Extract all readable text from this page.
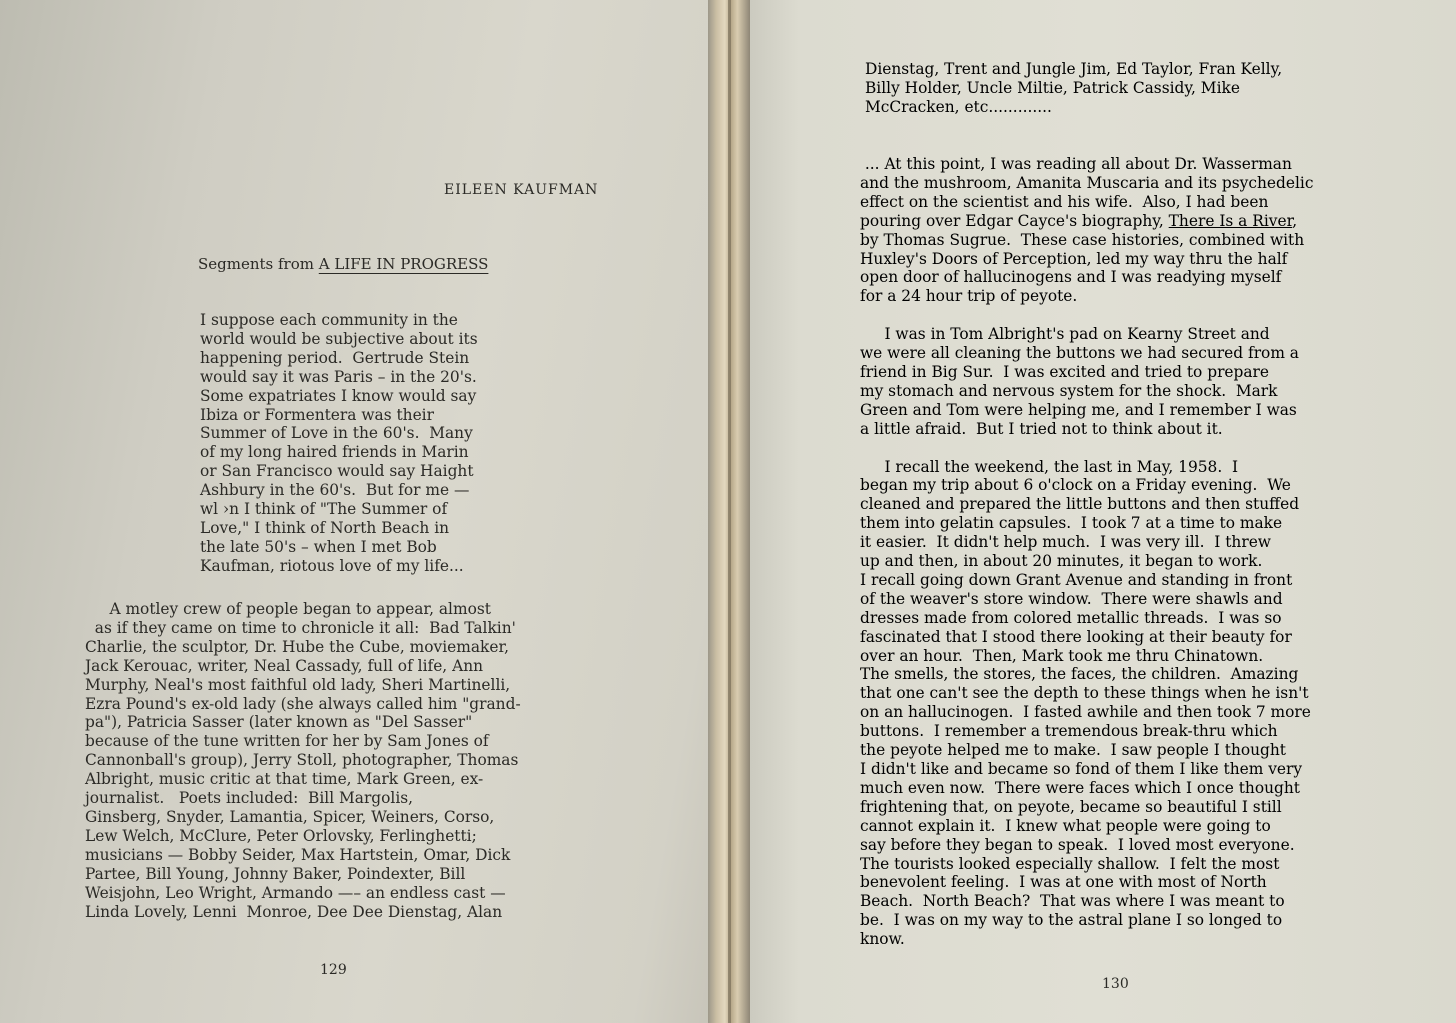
EILEEN KAUFMAN
Segments from A LIFE IN PROGRESS
I suppose each community in the
world would be subjective about its
happening period.  Gertrude Stein
would say it was Paris – in the 20's.
Some expatriates I know would say
Ibiza or Formentera was their
Summer of Love in the 60's.  Many
of my long haired friends in Marin
or San Francisco would say Haight
Ashbury in the 60's.  But for me —
wl ›n I think of "The Summer of
Love," I think of North Beach in
the late 50's – when I met Bob
Kaufman, riotous love of my life...
A motley crew of people began to appear, almost
as if they came on time to chronicle it all:  Bad Talkin'
Charlie, the sculptor, Dr. Hube the Cube, moviemaker,
Jack Kerouac, writer, Neal Cassady, full of life, Ann
Murphy, Neal's most faithful old lady, Sheri Martinelli,
Ezra Pound's ex-old lady (she always called him "grand-
pa"), Patricia Sasser (later known as "Del Sasser"
because of the tune written for her by Sam Jones of
Cannonball's group), Jerry Stoll, photographer, Thomas
Albright, music critic at that time, Mark Green, ex-
journalist.   Poets included:  Bill Margolis,
Ginsberg, Snyder, Lamantia, Spicer, Weiners, Corso,
Lew Welch, McClure, Peter Orlovsky, Ferlinghetti;
musicians — Bobby Seider, Max Hartstein, Omar, Dick
Partee, Bill Young, Johnny Baker, Poindexter, Bill
Weisjohn, Leo Wright, Armando —– an endless cast —
Linda Lovely, Lenni  Monroe, Dee Dee Dienstag, Alan
129
Dienstag, Trent and Jungle Jim, Ed Taylor, Fran Kelly,
Billy Holder, Uncle Miltie, Patrick Cassidy, Mike
McCracken, etc.............
... At this point, I was reading all about Dr. Wasserman
and the mushroom, Amanita Muscaria and its psychedelic
effect on the scientist and his wife.  Also, I had been
pouring over Edgar Cayce's biography, There Is a River,
by Thomas Sugrue.  These case histories, combined with
Huxley's Doors of Perception, led my way thru the half
open door of hallucinogens and I was readying myself
for a 24 hour trip of peyote.

I was in Tom Albright's pad on Kearny Street and
we were all cleaning the buttons we had secured from a
friend in Big Sur.  I was excited and tried to prepare
my stomach and nervous system for the shock.  Mark
Green and Tom were helping me, and I remember I was
a little afraid.  But I tried not to think about it.

I recall the weekend, the last in May, 1958.  I
began my trip about 6 o'clock on a Friday evening.  We
cleaned and prepared the little buttons and then stuffed
them into gelatin capsules.  I took 7 at a time to make
it easier.  It didn't help much.  I was very ill.  I threw
up and then, in about 20 minutes, it began to work.
I recall going down Grant Avenue and standing in front
of the weaver's store window.  There were shawls and
dresses made from colored metallic threads.  I was so
fascinated that I stood there looking at their beauty for
over an hour.  Then, Mark took me thru Chinatown.
The smells, the stores, the faces, the children.  Amazing
that one can't see the depth to these things when he isn't
on an hallucinogen.  I fasted awhile and then took 7 more
buttons.  I remember a tremendous break-thru which
the peyote helped me to make.  I saw people I thought
I didn't like and became so fond of them I like them very
much even now.  There were faces which I once thought
frightening that, on peyote, became so beautiful I still
cannot explain it.  I knew what people were going to
say before they began to speak.  I loved most everyone.
The tourists looked especially shallow.  I felt the most
benevolent feeling.  I was at one with most of North
Beach.  North Beach?  That was where I was meant to
be.  I was on my way to the astral plane I so longed to
know.
130
